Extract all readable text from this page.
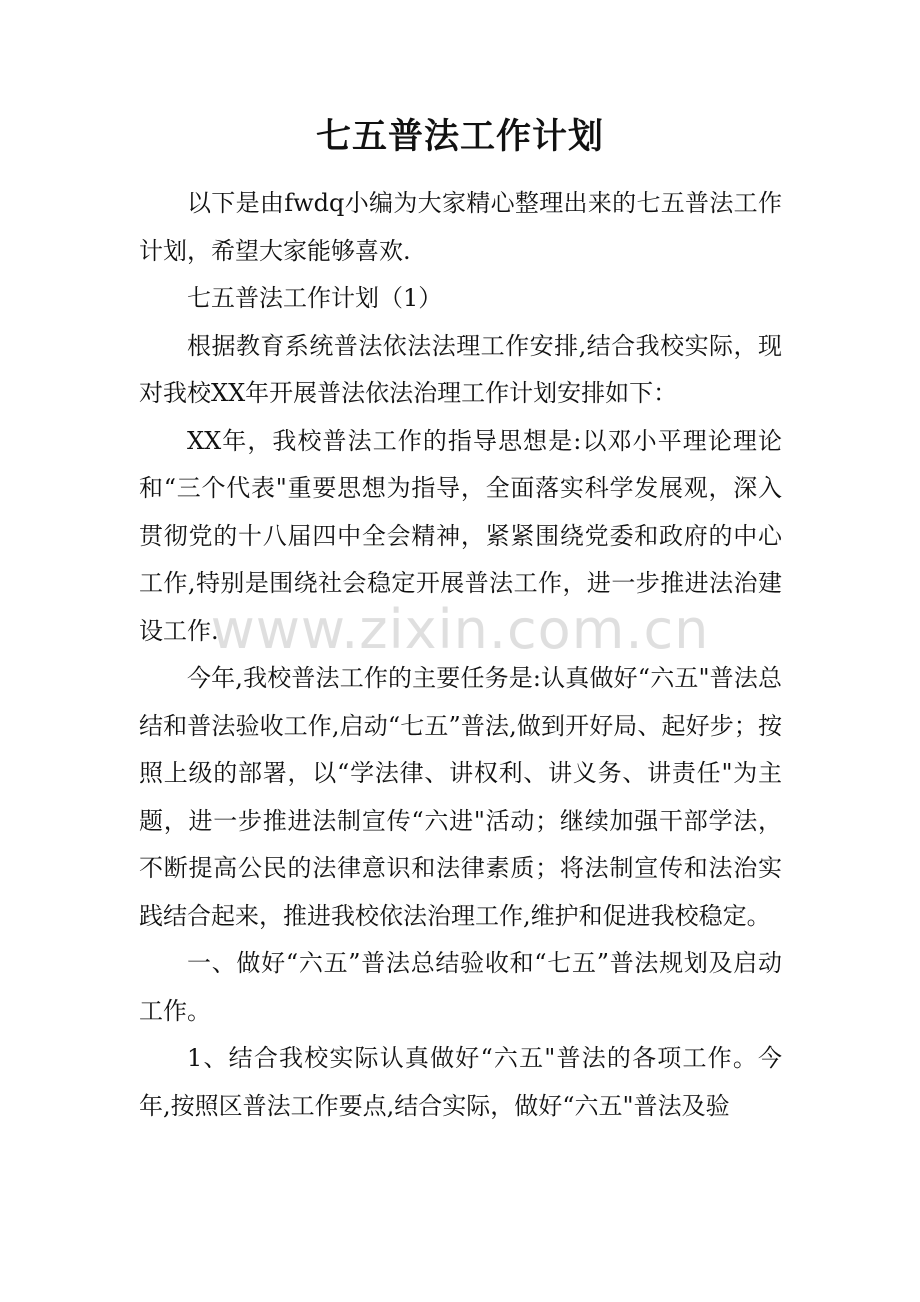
七五普法工作计划

以下是由fwdq小编为大家精心整理出来的七五普法工作计划，希望大家能够喜欢.

七五普法工作计划（1）

根据教育系统普法依法法理工作安排,结合我校实际，现对我校XX年开展普法依法治理工作计划安排如下：

XX年，我校普法工作的指导思想是:以邓小平理论理论和“三个代表"重要思想为指导，全面落实科学发展观，深入贯彻党的十八届四中全会精神，紧紧围绕党委和政府的中心工作,特别是围绕社会稳定开展普法工作，进一步推进法治建设工作.

今年,我校普法工作的主要任务是:认真做好“六五"普法总结和普法验收工作,启动“七五”普法,做到开好局、起好步；按照上级的部署，以“学法律、讲权利、讲义务、讲责任"为主题，进一步推进法制宣传“六进"活动；继续加强干部学法，不断提高公民的法律意识和法律素质；将法制宣传和法治实践结合起来，推进我校依法治理工作,维护和促进我校稳定。

一、做好“六五”普法总结验收和“七五”普法规划及启动工作。

1、结合我校实际认真做好“六五"普法的各项工作。今年,按照区普法工作要点,结合实际，做好“六五"普法及验

www.zixin.com.cn
